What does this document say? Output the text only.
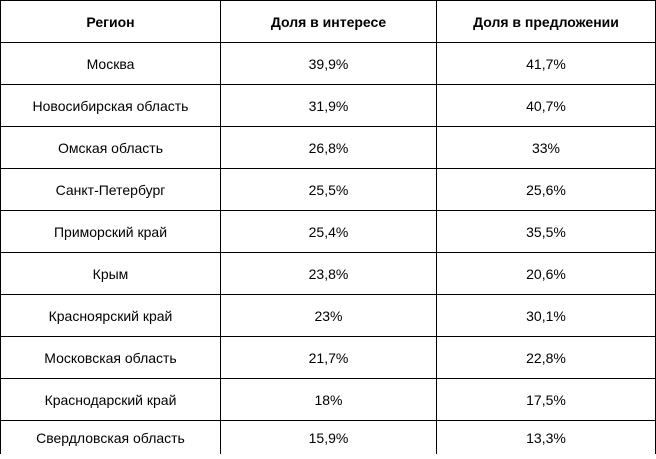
Регион	Доля в интересе	Доля в предложении
Москва	39,9%	41,7%
Новосибирская область	31,9%	40,7%
Омская область	26,8%	33%
Санкт-Петербург	25,5%	25,6%
Приморский край	25,4%	35,5%
Крым	23,8%	20,6%
Красноярский край	23%	30,1%
Московская область	21,7%	22,8%
Краснодарский край	18%	17,5%
Свердловская область	15,9%	13,3%
